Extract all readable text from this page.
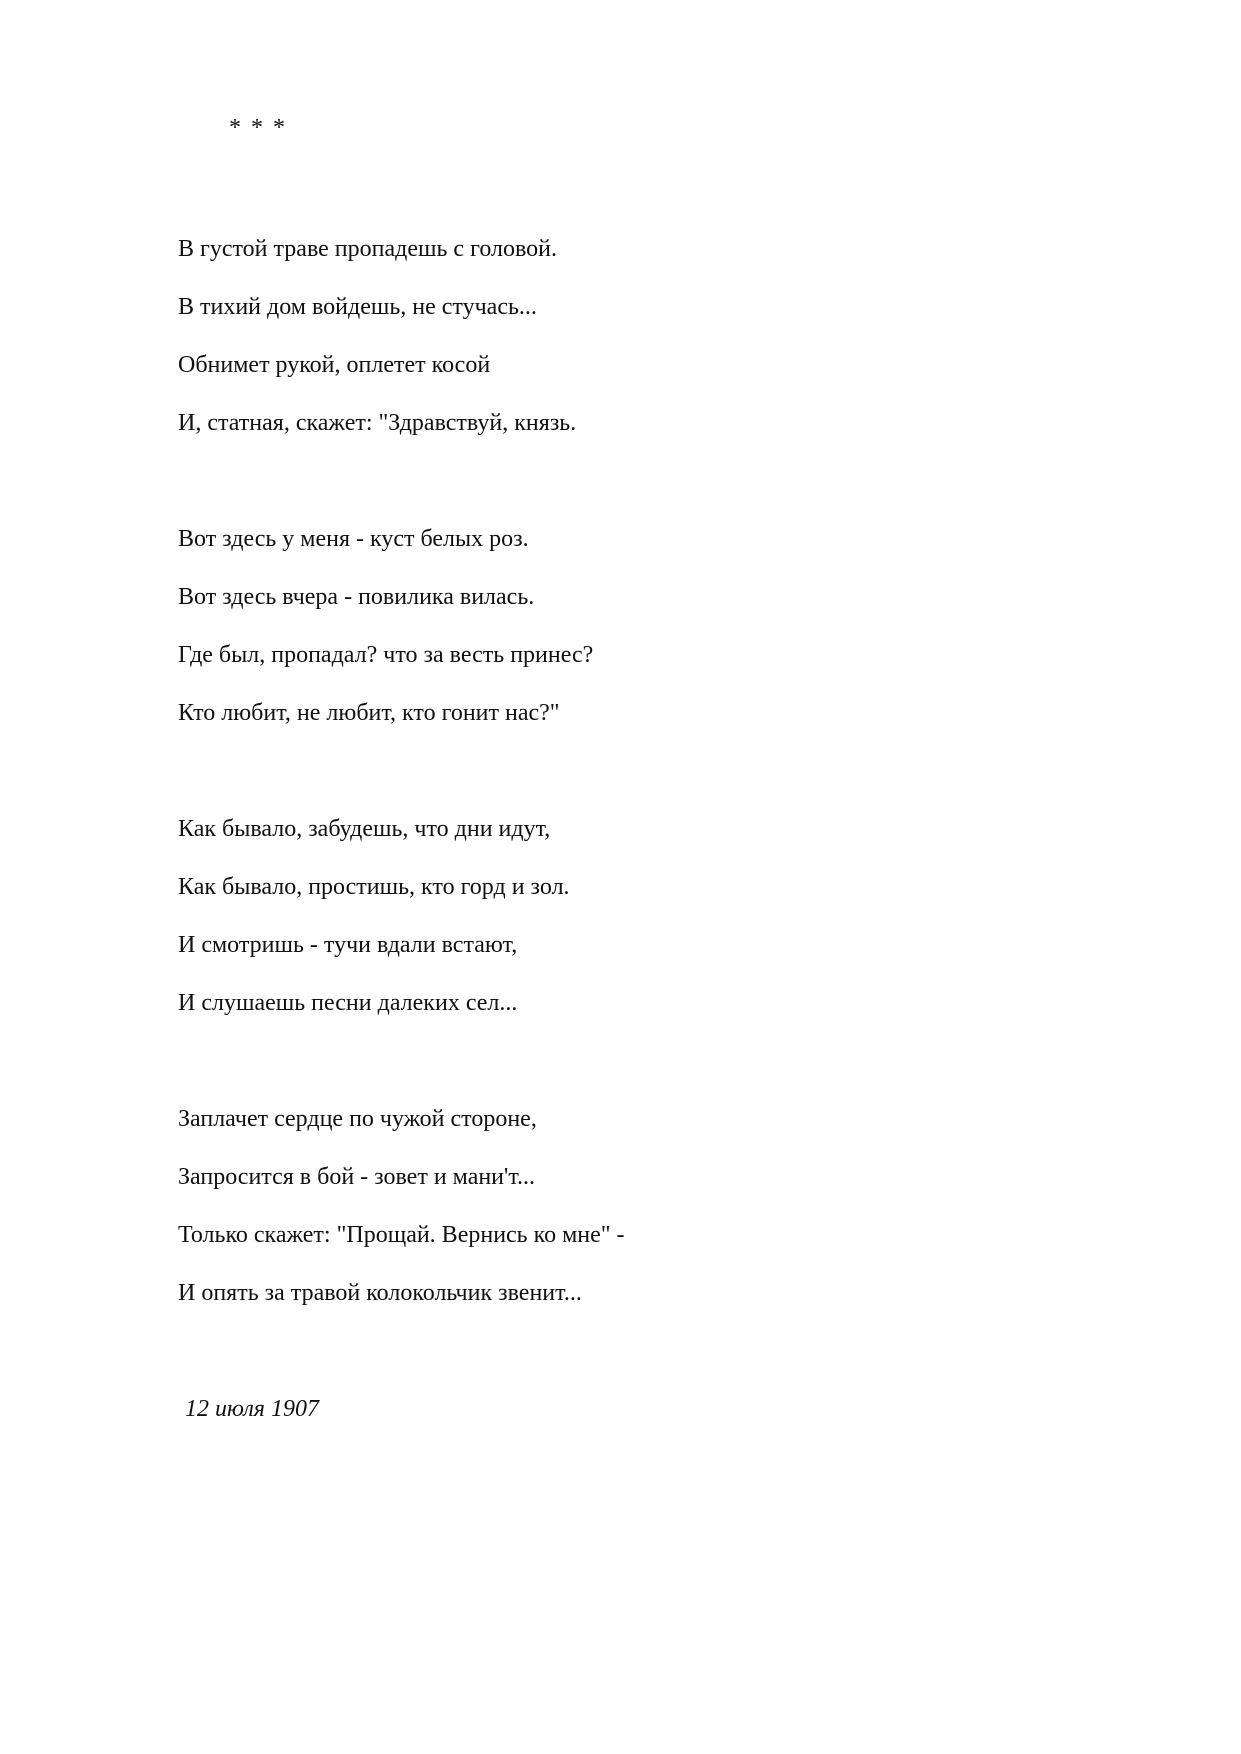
* * *
В густой траве пропадешь с головой.
В тихий дом войдешь, не стучась...
Обнимет рукой, оплетет косой
И, статная, скажет: "Здравствуй, князь.
Вот здесь у меня - куст белых роз.
Вот здесь вчера - повилика вилась.
Где был, пропадал? что за весть принес?
Кто любит, не любит, кто гонит нас?"
Как бывало, забудешь, что дни идут,
Как бывало, простишь, кто горд и зол.
И смотришь - тучи вдали встают,
И слушаешь песни далеких сел...
Заплачет сердце по чужой стороне,
Запросится в бой - зовет и мани'т...
Только скажет: "Прощай. Вернись ко мне" -
И опять за травой колокольчик звенит...
12 июля 1907
